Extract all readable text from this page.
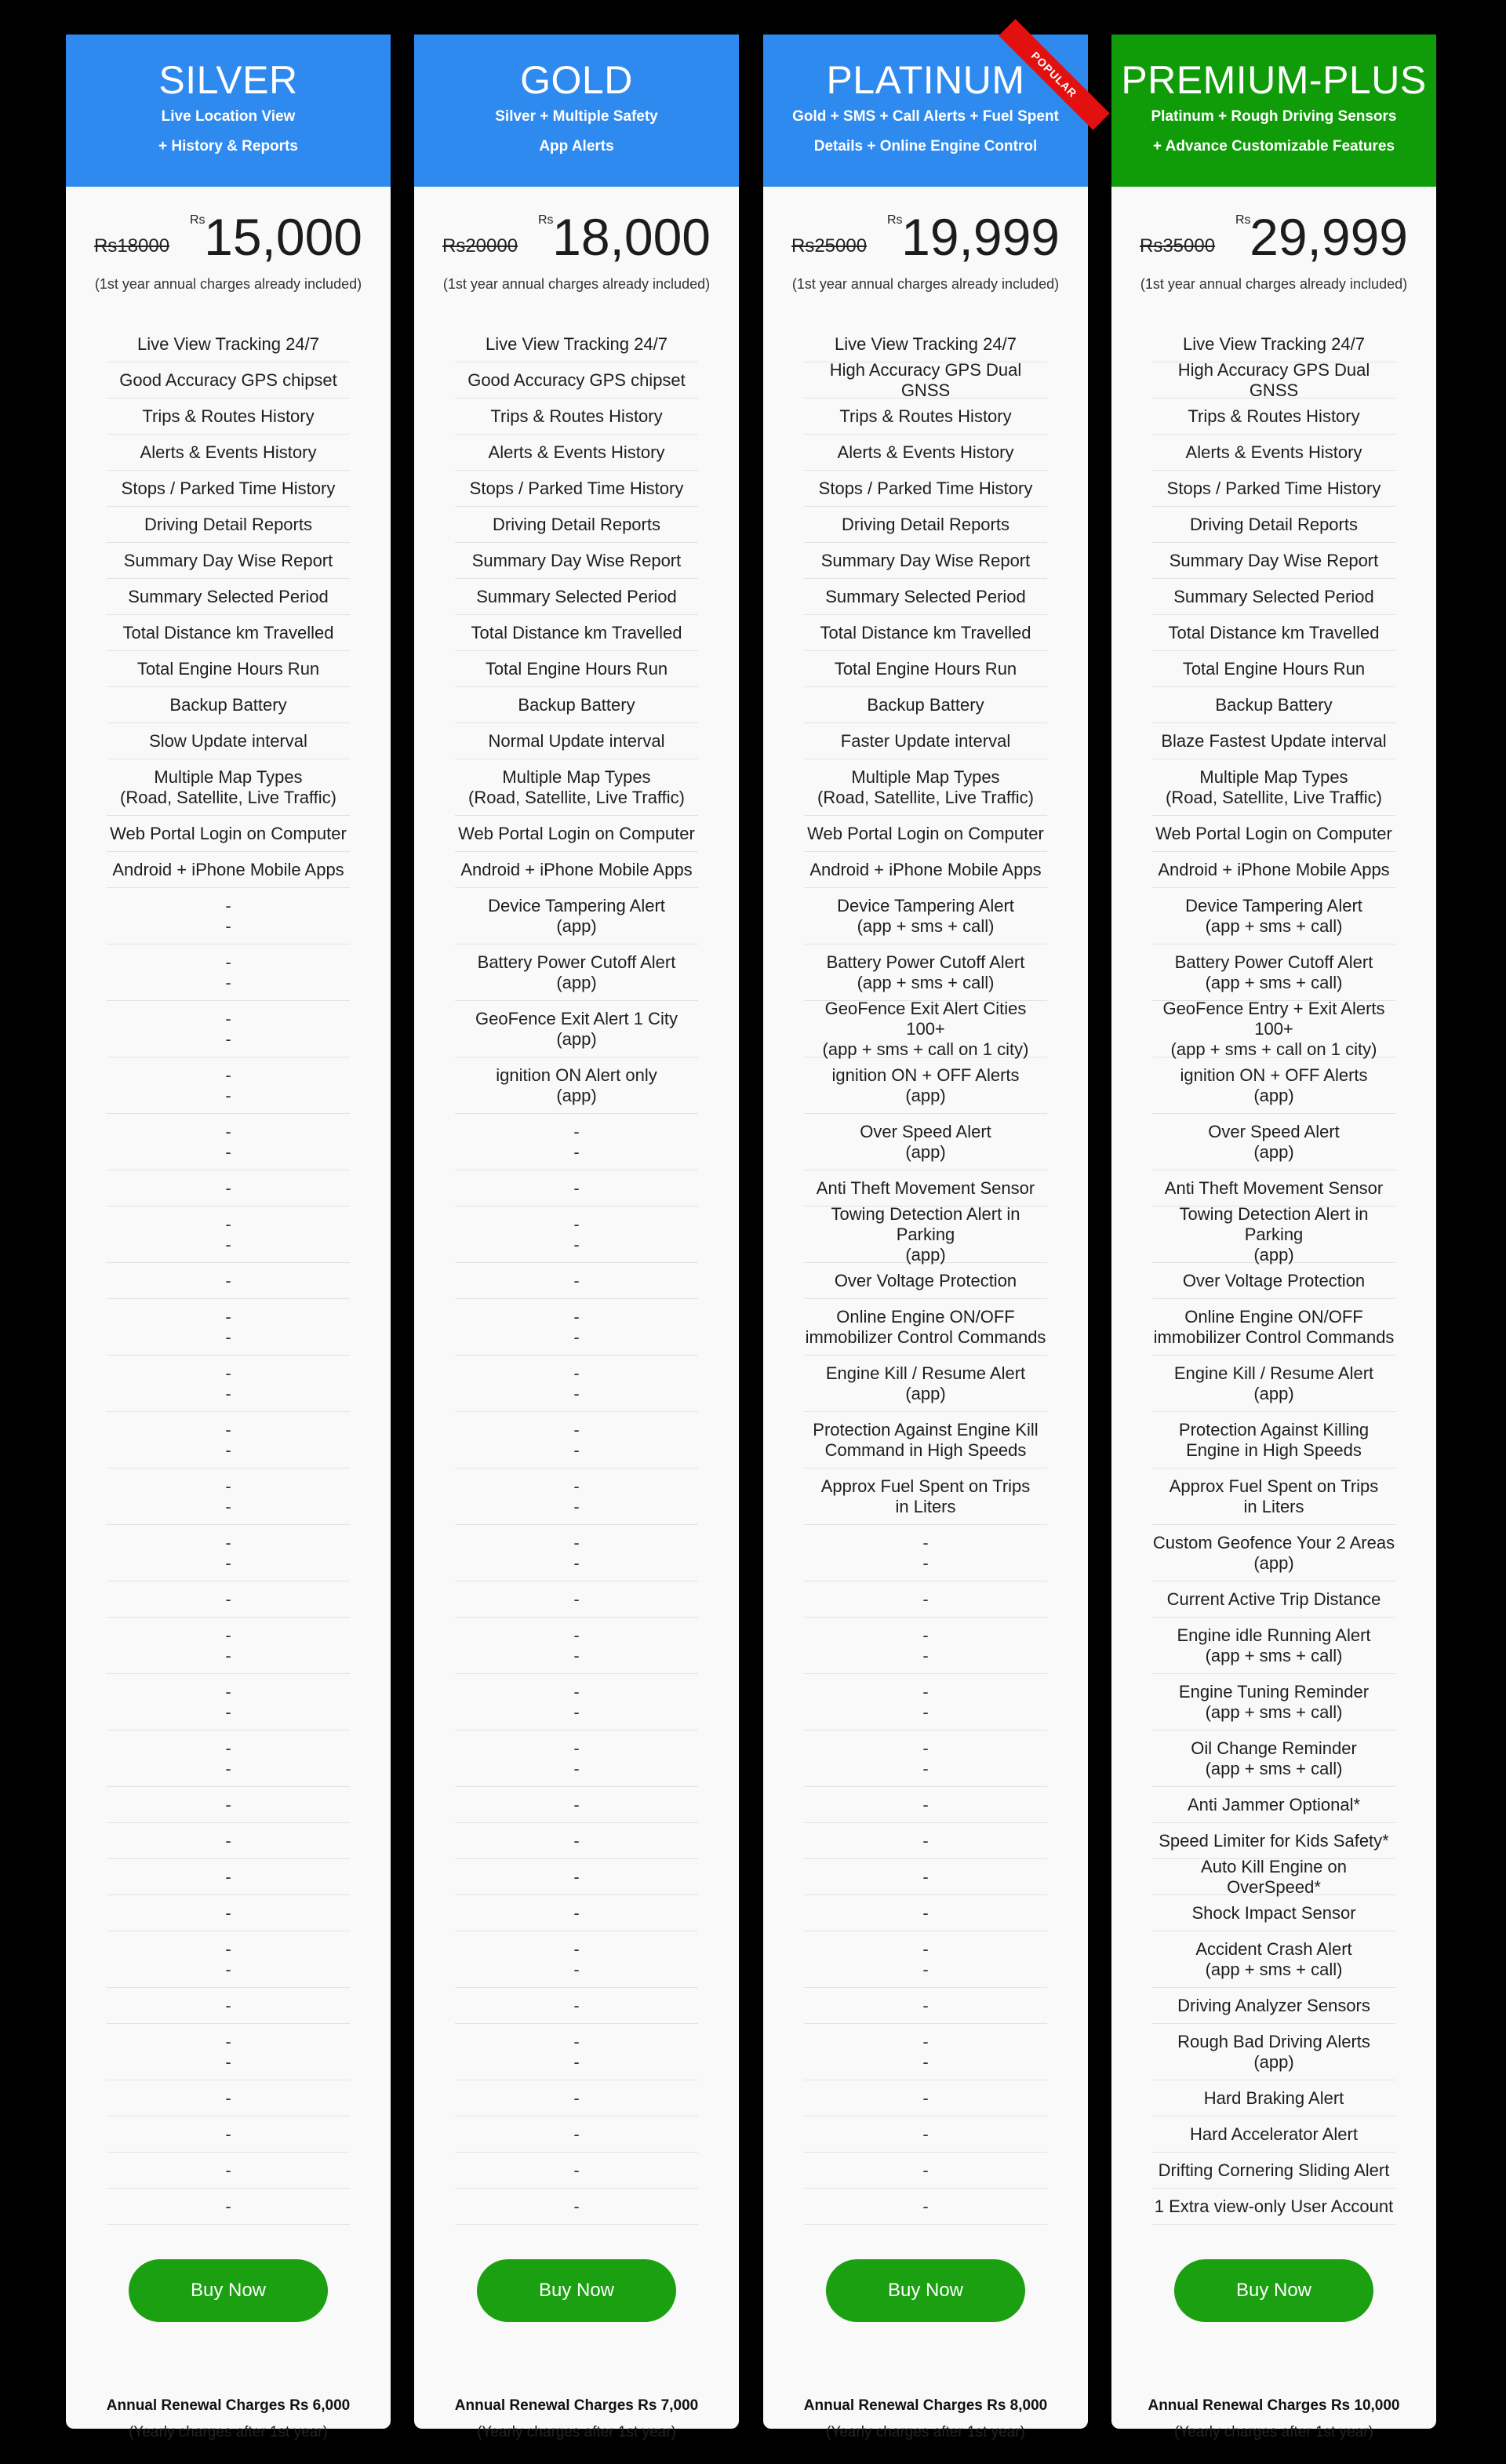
SILVER
Live Location View
+ History & Reports
Rs18000
Rs
15,000
(1st year annual charges already included)
Live View Tracking 24/7
Good Accuracy GPS chipset
Trips & Routes History
Alerts & Events History
Stops / Parked Time History
Driving Detail Reports
Summary Day Wise Report
Summary Selected Period
Total Distance km Travelled
Total Engine Hours Run
Backup Battery
Slow Update interval
Multiple Map Types
(Road, Satellite, Live Traffic)
Web Portal Login on Computer
Android + iPhone Mobile Apps
-
-
-
-
-
-
-
-
-
-
-
-
-
-
-
-
-
-
-
-
-
-
-
-
-
-
-
-
-
-
-
-
-
-
-
-
-
-
-
-
-
-
-
-
Buy Now
Annual Renewal Charges Rs 6,000
(Yearly charges after 1st year)
GOLD
Silver + Multiple Safety
App Alerts
Rs20000
Rs
18,000
(1st year annual charges already included)
Live View Tracking 24/7
Good Accuracy GPS chipset
Trips & Routes History
Alerts & Events History
Stops / Parked Time History
Driving Detail Reports
Summary Day Wise Report
Summary Selected Period
Total Distance km Travelled
Total Engine Hours Run
Backup Battery
Normal Update interval
Multiple Map Types
(Road, Satellite, Live Traffic)
Web Portal Login on Computer
Android + iPhone Mobile Apps
Device Tampering Alert
(app)
Battery Power Cutoff Alert
(app)
GeoFence Exit Alert 1 City
(app)
ignition ON Alert only
(app)
-
-
-
-
-
-
-
-
-
-
-
-
-
-
-
-
-
-
-
-
-
-
-
-
-
-
-
-
-
-
-
-
-
-
-
-
Buy Now
Annual Renewal Charges Rs 7,000
(Yearly charges after 1st year)
PLATINUM
Gold + SMS + Call Alerts + Fuel Spent
Details + Online Engine Control
POPULAR
Rs25000
Rs
19,999
(1st year annual charges already included)
Live View Tracking 24/7
High Accuracy GPS Dual GNSS
Trips & Routes History
Alerts & Events History
Stops / Parked Time History
Driving Detail Reports
Summary Day Wise Report
Summary Selected Period
Total Distance km Travelled
Total Engine Hours Run
Backup Battery
Faster Update interval
Multiple Map Types
(Road, Satellite, Live Traffic)
Web Portal Login on Computer
Android + iPhone Mobile Apps
Device Tampering Alert
(app + sms + call)
Battery Power Cutoff Alert
(app + sms + call)
GeoFence Exit Alert Cities 100+
(app + sms + call on 1 city)
ignition ON + OFF Alerts
(app)
Over Speed Alert
(app)
Anti Theft Movement Sensor
Towing Detection Alert in Parking
(app)
Over Voltage Protection
Online Engine ON/OFF
immobilizer Control Commands
Engine Kill / Resume Alert
(app)
Protection Against Engine Kill
Command in High Speeds
Approx Fuel Spent on Trips
in Liters
-
-
-
-
-
-
-
-
-
-
-
-
-
-
-
-
-
-
-
-
-
-
Buy Now
Annual Renewal Charges Rs 8,000
(Yearly charges after 1st year)
PREMIUM-PLUS
Platinum + Rough Driving Sensors
+ Advance Customizable Features
Rs35000
Rs
29,999
(1st year annual charges already included)
Live View Tracking 24/7
High Accuracy GPS Dual GNSS
Trips & Routes History
Alerts & Events History
Stops / Parked Time History
Driving Detail Reports
Summary Day Wise Report
Summary Selected Period
Total Distance km Travelled
Total Engine Hours Run
Backup Battery
Blaze Fastest Update interval
Multiple Map Types
(Road, Satellite, Live Traffic)
Web Portal Login on Computer
Android + iPhone Mobile Apps
Device Tampering Alert
(app + sms + call)
Battery Power Cutoff Alert
(app + sms + call)
GeoFence Entry + Exit Alerts 100+
(app + sms + call on 1 city)
ignition ON + OFF Alerts
(app)
Over Speed Alert
(app)
Anti Theft Movement Sensor
Towing Detection Alert in Parking
(app)
Over Voltage Protection
Online Engine ON/OFF
immobilizer Control Commands
Engine Kill / Resume Alert
(app)
Protection Against Killing
Engine in High Speeds
Approx Fuel Spent on Trips
in Liters
Custom Geofence Your 2 Areas
(app)
Current Active Trip Distance
Engine idle Running Alert
(app + sms + call)
Engine Tuning Reminder
(app + sms + call)
Oil Change Reminder
(app + sms + call)
Anti Jammer Optional*
Speed Limiter for Kids Safety*
Auto Kill Engine on OverSpeed*
Shock Impact Sensor
Accident Crash Alert
(app + sms + call)
Driving Analyzer Sensors
Rough Bad Driving Alerts
(app)
Hard Braking Alert
Hard Accelerator Alert
Drifting Cornering Sliding Alert
1 Extra view-only User Account
Buy Now
Annual Renewal Charges Rs 10,000
(Yearly charges after 1st year)
